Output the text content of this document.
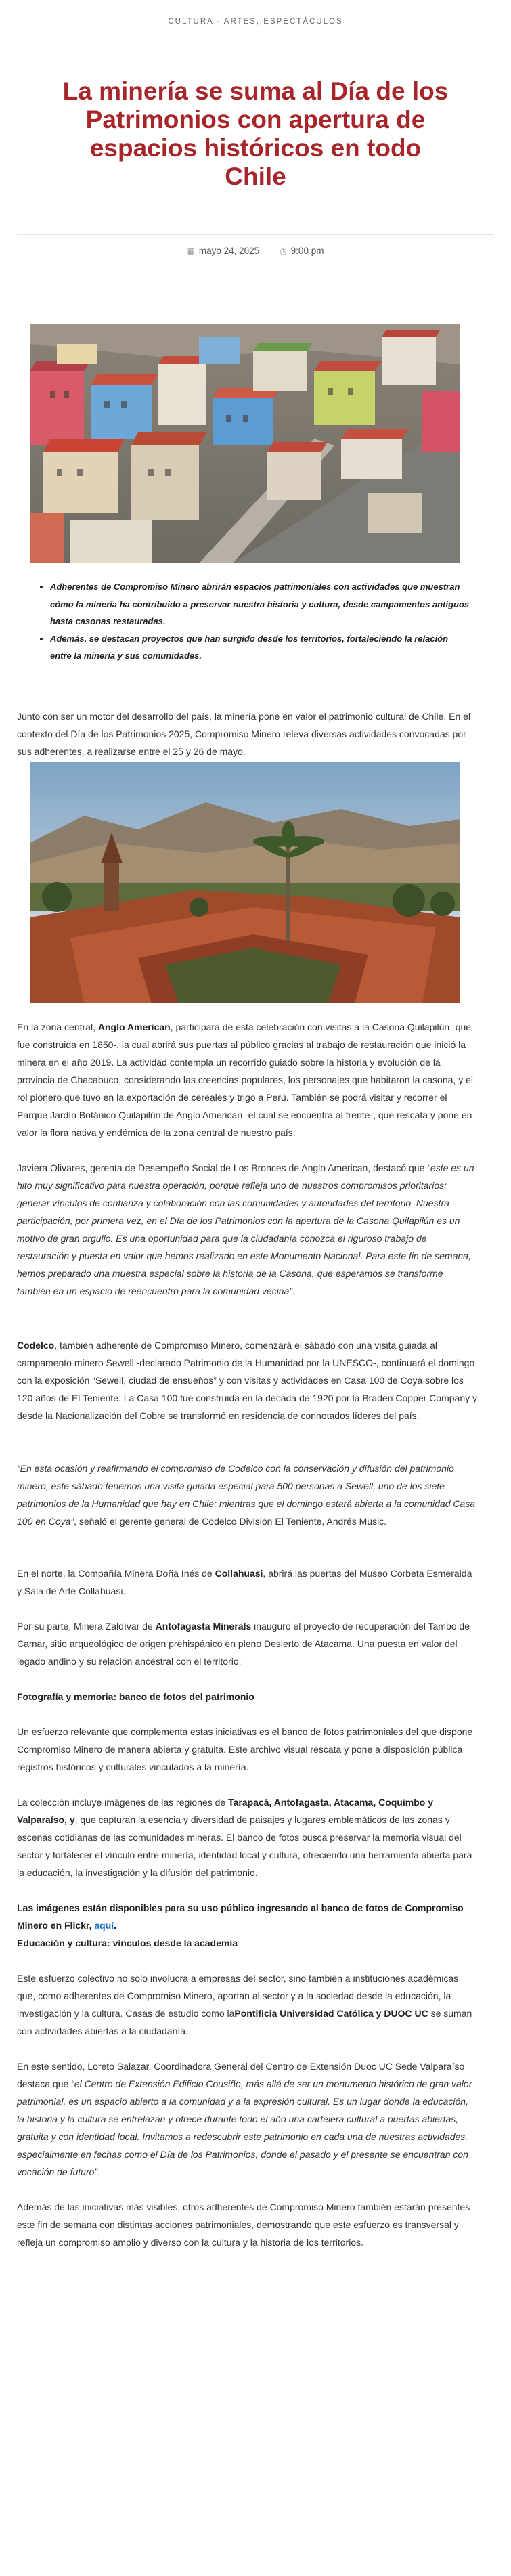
CULTURA - ARTES, ESPECTÁCULOS
La minería se suma al Día de los Patrimonios con apertura de espacios históricos en todo Chile
▦ mayo 24, 2025	◷ 9:00 pm
• Adherentes de Compromiso Minero abrirán espacios patrimoniales con actividades que muestran cómo la minería ha contribuido a preservar nuestra historia y cultura, desde campamentos antiguos hasta casonas restauradas.
• Además, se destacan proyectos que han surgido desde los territorios, fortaleciendo la relación entre la minería y sus comunidades.

Junto con ser un motor del desarrollo del país, la minería pone en valor el patrimonio cultural de Chile. En el contexto del Día de los Patrimonios 2025, Compromiso Minero releva diversas actividades convocadas por sus adherentes, a realizarse entre el 25 y 26 de mayo.

En la zona central, Anglo American, participará de esta celebración con visitas a la Casona Quilapilún -que fue construida en 1850-, la cual abrirá sus puertas al público gracias al trabajo de restauración que inició la minera en el año 2019. La actividad contempla un recorrido guiado sobre la historia y evolución de la provincia de Chacabuco, considerando las creencias populares, los personajes que habitaron la casona, y el rol pionero que tuvo en la exportación de cereales y trigo a Perú. También se podrá visitar y recorrer el Parque Jardín Botánico Quilapilún de Anglo American -el cual se encuentra al frente-, que rescata y pone en valor la flora nativa y endémica de la zona central de nuestro país.

Javiera Olivares, gerenta de Desempeño Social de Los Bronces de Anglo American, destacó que “este es un hito muy significativo para nuestra operación, porque refleja uno de nuestros compromisos prioritarios: generar vínculos de confianza y colaboración con las comunidades y autoridades del territorio. Nuestra participación, por primera vez, en el Día de los Patrimonios con la apertura de la Casona Quilapilún es un motivo de gran orgullo. Es una oportunidad para que la ciudadanía conozca el riguroso trabajo de restauración y puesta en valor que hemos realizado en este Monumento Nacional. Para este fin de semana, hemos preparado una muestra especial sobre la historia de la Casona, que esperamos se transforme también en un espacio de reencuentro para la comunidad vecina”.

Codelco, también adherente de Compromiso Minero, comenzará el sábado con una visita guiada al campamento minero Sewell -declarado Patrimonio de la Humanidad por la UNESCO-, continuará el domingo con la exposición “Sewell, ciudad de ensueños” y con visitas y actividades en Casa 100 de Coya sobre los 120 años de El Teniente. La Casa 100 fue construida en la década de 1920 por la Braden Copper Company y desde la Nacionalización del Cobre se transformó en residencia de connotados líderes del país.

“En esta ocasión y reafirmando el compromiso de Codelco con la conservación y difusión del patrimonio minero, este sábado tenemos una visita guiada especial para 500 personas a Sewell, uno de los siete patrimonios de la Humanidad que hay en Chile; mientras que el domingo estará abierta a la comunidad Casa 100 en Coya”, señaló el gerente general de Codelco División El Teniente, Andrés Music.

En el norte, la Compañía Minera Doña Inés de Collahuasi, abrirá las puertas del Museo Corbeta Esmeralda y Sala de Arte Collahuasi.

Por su parte, Minera Zaldívar de Antofagasta Minerals inauguró el proyecto de recuperación del Tambo de Camar, sitio arqueológico de origen prehispánico en pleno Desierto de Atacama. Una puesta en valor del legado andino y su relación ancestral con el territorio.

Fotografía y memoria: banco de fotos del patrimonio

Un esfuerzo relevante que complementa estas iniciativas es el banco de fotos patrimoniales del que dispone Compromiso Minero de manera abierta y gratuita. Este archivo visual rescata y pone a disposición pública registros históricos y culturales vinculados a la minería.

La colección incluye imágenes de las regiones de Tarapacá, Antofagasta, Atacama, Coquimbo y Valparaíso, y, que capturan la esencia y diversidad de paisajes y lugares emblemáticos de las zonas y escenas cotidianas de las comunidades mineras. El banco de fotos busca preservar la memoria visual del sector y fortalecer el vínculo entre minería, identidad local y cultura, ofreciendo una herramienta abierta para la educación, la investigación y la difusión del patrimonio.

Las imágenes están disponibles para su uso público ingresando al banco de fotos de Compromiso Minero en Flickr, aquí.

Educación y cultura: vínculos desde la academia

Este esfuerzo colectivo no solo involucra a empresas del sector, sino también a instituciones académicas que, como adherentes de Compromiso Minero, aportan al sector y a la sociedad desde la educación, la investigación y la cultura. Casas de estudio como laPontificia Universidad Católica y DUOC UC se suman con actividades abiertas a la ciudadanía.

En este sentido, Loreto Salazar, Coordinadora General del Centro de Extensión Duoc UC Sede Valparaíso destaca que “el Centro de Extensión Edificio Cousiño, más allá de ser un monumento histórico de gran valor patrimonial, es un espacio abierto a la comunidad y a la expresión cultural. Es un lugar donde la educación, la historia y la cultura se entrelazan y ofrece durante todo el año una cartelera cultural a puertas abiertas, gratuita y con identidad local. Invitamos a redescubrir este patrimonio en cada una de nuestras actividades, especialmente en fechas como el Día de los Patrimonios, donde el pasado y el presente se encuentran con vocación de futuro”.

Además de las iniciativas más visibles, otros adherentes de Compromiso Minero también estarán presentes este fin de semana con distintas acciones patrimoniales, demostrando que este esfuerzo es transversal y refleja un compromiso amplio y diverso con la cultura y la historia de los territorios.
